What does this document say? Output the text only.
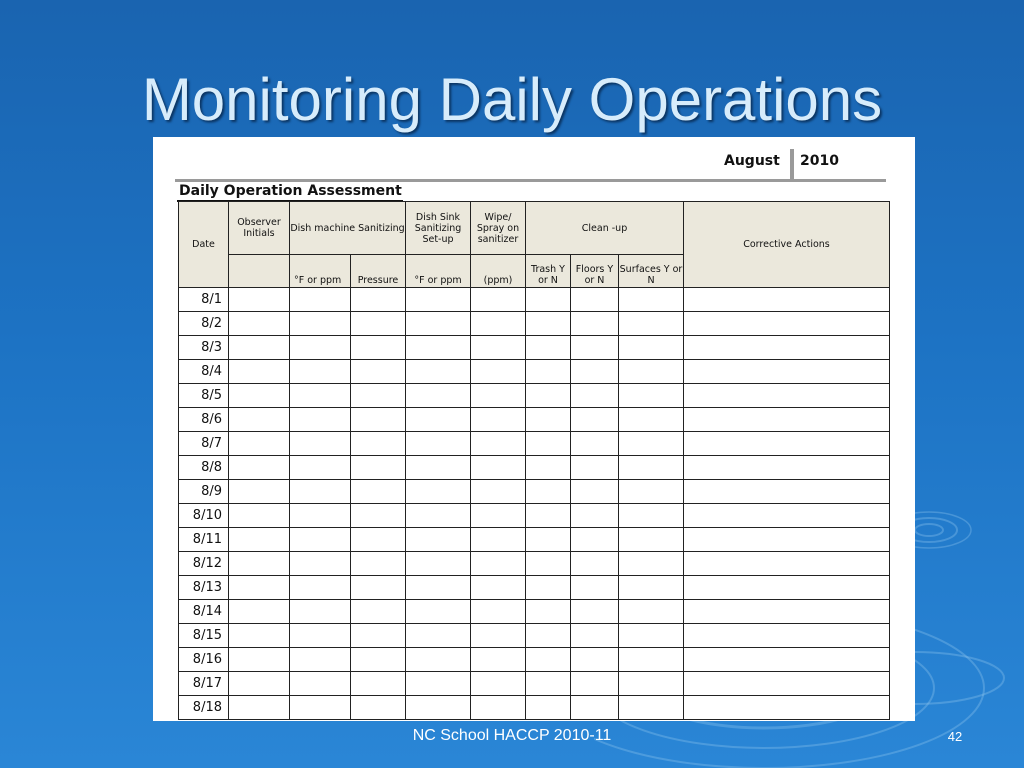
Monitoring Daily Operations
August	2010
Daily Operation Assessment
Date	Observer Initials	Dish machine Sanitizing		Dish Sink Sanitizing Set-up	Wipe/ Spray on sanitizer	Clean -up			Corrective Actions
		°F or ppm	Pressure	°F or ppm	(ppm)	Trash Y or N	Floors Y or N	Surfaces Y or N	
8/1									
8/2									
8/3									
8/4									
8/5									
8/6									
8/7									
8/8									
8/9									
8/10									
8/11									
8/12									
8/13									
8/14									
8/15									
8/16									
8/17									
8/18									
NC School HACCP 2010-11	42
